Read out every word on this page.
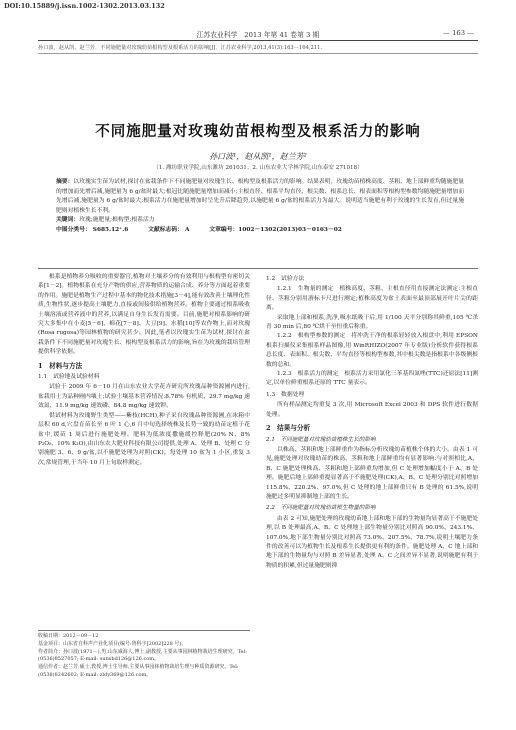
DOI:10.15889/j.issn.1002-1302.2013.03.132
江苏农业科学　2013 年第 41 卷第 3 期	— 163 —
孙口波，赵从凯，赵兰芳．不同施肥量对玫瑰幼苗根构型及根系活力的影响[J]．江苏农业科学,2013,41(3):163－164,211.
不同施肥量对玫瑰幼苗根构型及根系活力的影响
孙口波¹，赵从凯¹，赵兰芳²
（1. 潍坊职业学院,山东潍坊 261031；2. 山东农业大学林学院,山东泰安 271018）
摘要：以玫瑰实生苗为试材,探讨在盆栽条件下不同施肥量对玫瑰生长、根构型及根系活力的影响。结果表明，玫瑰幼苗植株高度、茎粗、地上部鲜重均随施肥量的增加而先增后减,施肥量为 6 g/盆时最大;根冠比随施肥量增加而减小;主根直径、根系平均直径、根尖数、根系总长、根表面积等根构型参数均随施肥量增加而先增后减,施肥量为 6 g/盆时最大;根系活力在施肥量增加时呈先升后降趋势,以施肥量 6 g/盆的根系活力为最大。说明适当施肥有利于玫瑰的生长发育,但过量施肥则对植株生长不利。
关键词：玫瑰;施肥量;根构型;根系活力
中图分类号： S685.12⁺.6	文献标志码： A	文章编号：1002－1302(2013)03－0163－02

根系是植物养分吸收的重要器官,植物对土壤养分的有效利用与根构型有密切关系[1－2]。植物根系在充分产物的供应,营养物质的运输合成、养分等方面起着重要的作用。施肥是植物生产过程中基本的物化技术措施[3－4],能有效改善土壤理化性质,生物性状,逐步提高土壤肥力,直接或间接供给植物营养。植物主要通过根系吸收土壤溶液或营养液中的营养,以满足自身生长发育需要。目前,施肥对根系影响的研究大多集中在小麦[5－6]、棉花[7－8]、大豆[9]、水稻[10]等农作物上,而对玫瑰(Rosa rugosa)等园林植物的研究甚少。因此,笔者以玫瑰实生苗为试材,探讨在盆栽条件下不同施肥量对玫瑰生长、根构型及根系活力的影响,旨在为玫瑰的栽培管理提供科学依据。

1　材料与方法
1.1　试验地及试验材料

试验于 2009 年 6－10 月在山东农业大学花卉研究所玫瑰品种资源圃内进行,盆栽用土为品种圃内壤土;试验土壤基本营养情况:8.78% 有机质、29.7 mg/kg 速效氮、11.9 mg/kg 速效磷、84.8 mg/kg 速效钾。

供试材料为玫瑰野生类型——紫枝(HCH),种子采自玫瑰品种资源圃,在冰箱中层积 60 d,穴盘育苗长至 6 叶 1 心,6 月中旬选择统株及长势一致的幼苗定植于花盆中,缓苗 1 周后进行施肥处理。肥料为低浓度撒施缓控释肥(20% N、8% P₂O₅、10% K₂O),由山东农大肥业科技有限公司提供,处理 A、处理 B、处理 C 分别施肥 3、6、9 g/盆,以不施肥处理为对照(CK)。每处理 10 盆为 1 小区,重复 3 次,常规管理,于当年 10 月上旬取样测定。

收稿日期：2012－09－12
基金项目：山东省自科声产业化项目(编号:鲁科字[2002]228 号)。
作者简介：孙口波(1971－),男,山东威海人,博士,副教授,主要从事园林植物栽培生理研究。Tel:(0536)8527057; E-mail: sunsbd126@126.com。
通信作者：赵兰芳,硕士,教授,博士生导师,主要从事园林植物栽培生理与种质资源研究。Tel:(0538)8242602; E-mail: zldy369@126.com。
1.2　试验方法

1.2.1　生物量的测定　植株高度、茎粗、主根直径用直接测定法测定:主根直径、茎粗分别用游标卡尺进行测定;植株高度为盆土表面至最顶部展开叶片尖的距离。

采取地上部和根系,洗净,吸水纸吸干后,用 1/100 天平分别称其鲜重,105 ℃杀青 30 min 后,80 ℃烘干至恒重后称重。

1.2.2　根构型参数的测定　将冲洗干净的根系轻轻放入根盘中,利用 EPSON 根系扫描仪采集根系样品图像,用 WinRHIZO(2007 年专业版)分析软件获得根系总长度、表面积、根尖数、平均直径等根构型参数,其中根尖数是指根系中各级侧根数的总和。

1.2.3　根系活力的测定　根系活力采用氯化三苯基四氮唑(TTC)还原法[11]测定,以单位鲜重根系还原的 TTC 量表示。

1.3　数据处理

所有样品测定均重复 3 次,用 Microsoft Excel 2003 和 DPS 软件进行数据处理。

2　结果与分析
2.1　不同施肥量对玫瑰幼苗植株生长的影响

以株高、茎粗和地上部鲜重作为指标分析玫瑰幼苗植株个体的大小。由表 1 可见,施肥处理对玫瑰幼苗的株高、茎粗和地上部鲜重均有显著影响:与对照相比,A、B、C 施肥处理株高、茎粗和地上部鲜重均增加,但 C 处理增加幅度小于 A、B 处理。施肥后地上部鲜重提显著高于不施肥处理(CK),A、B、C 处理分别比对照增加 115.8%、220.2%、97.0%,但 C 处理的地上部鲜重只有 B 处理的 61.5%,说明施肥过多明显抑制地上部的生长。

2.2　不同施肥量对玫瑰幼苗根生物量的影响

由表 2 可知,施肥处理的玫瑰幼苗地上部和地下部的生物量均显著高于不施肥处理,以 B 处理最高,A、B、C 处理地上部生物量分别比对照高 90.0%、243.1%、107.0%,地下部生物量分别比对照高 73.0%、207.5%、78.7%,说明土壤肥力条件的改善可以为植物生长及根系生长提供更有利的条件。施肥处理 A、C 地上部和地下部的生物量均与对照 B 差异显著,处理 A、C 之间差异不显著,说明施肥有利于物质的积累,但过量施肥则抑
